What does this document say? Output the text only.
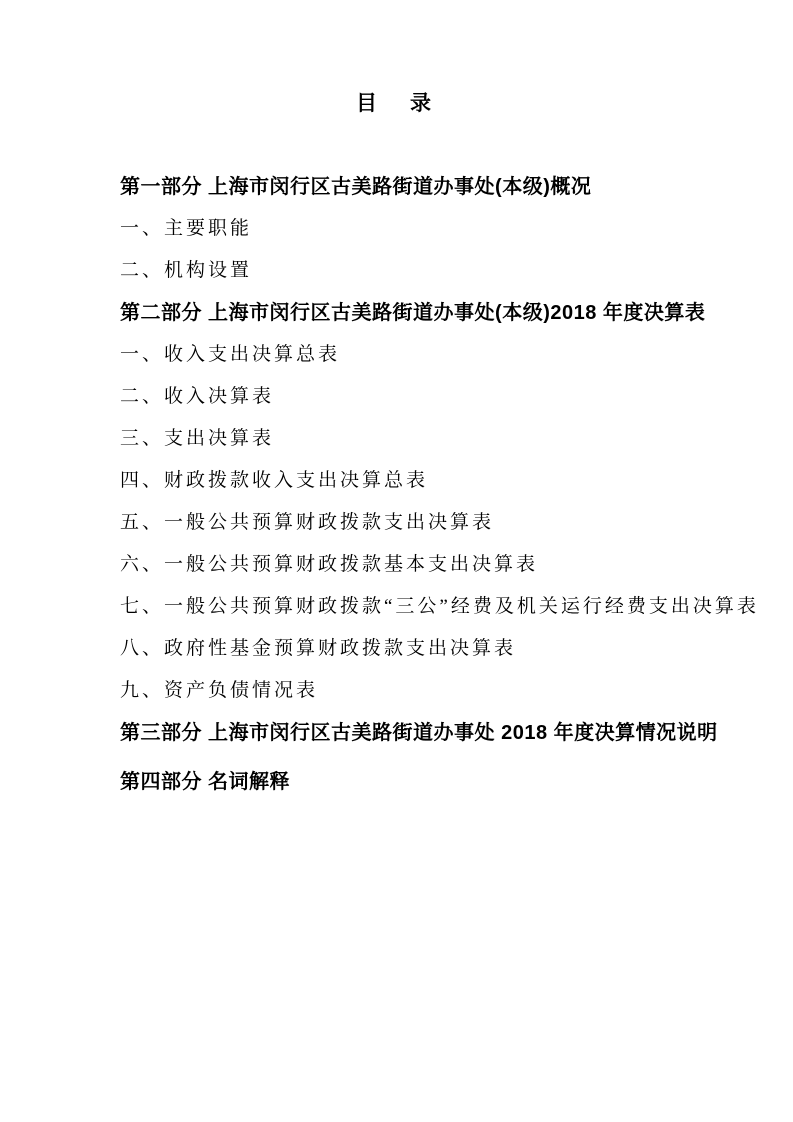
目　录
第一部分 上海市闵行区古美路街道办事处(本级)概况
一、主要职能
二、机构设置
第二部分 上海市闵行区古美路街道办事处(本级)2018 年度决算表
一、收入支出决算总表
二、收入决算表
三、支出决算表
四、财政拨款收入支出决算总表
五、一般公共预算财政拨款支出决算表
六、一般公共预算财政拨款基本支出决算表
七、一般公共预算财政拨款“三公”经费及机关运行经费支出决算表
八、政府性基金预算财政拨款支出决算表
九、资产负债情况表
第三部分 上海市闵行区古美路街道办事处 2018 年度决算情况说明
第四部分 名词解释
